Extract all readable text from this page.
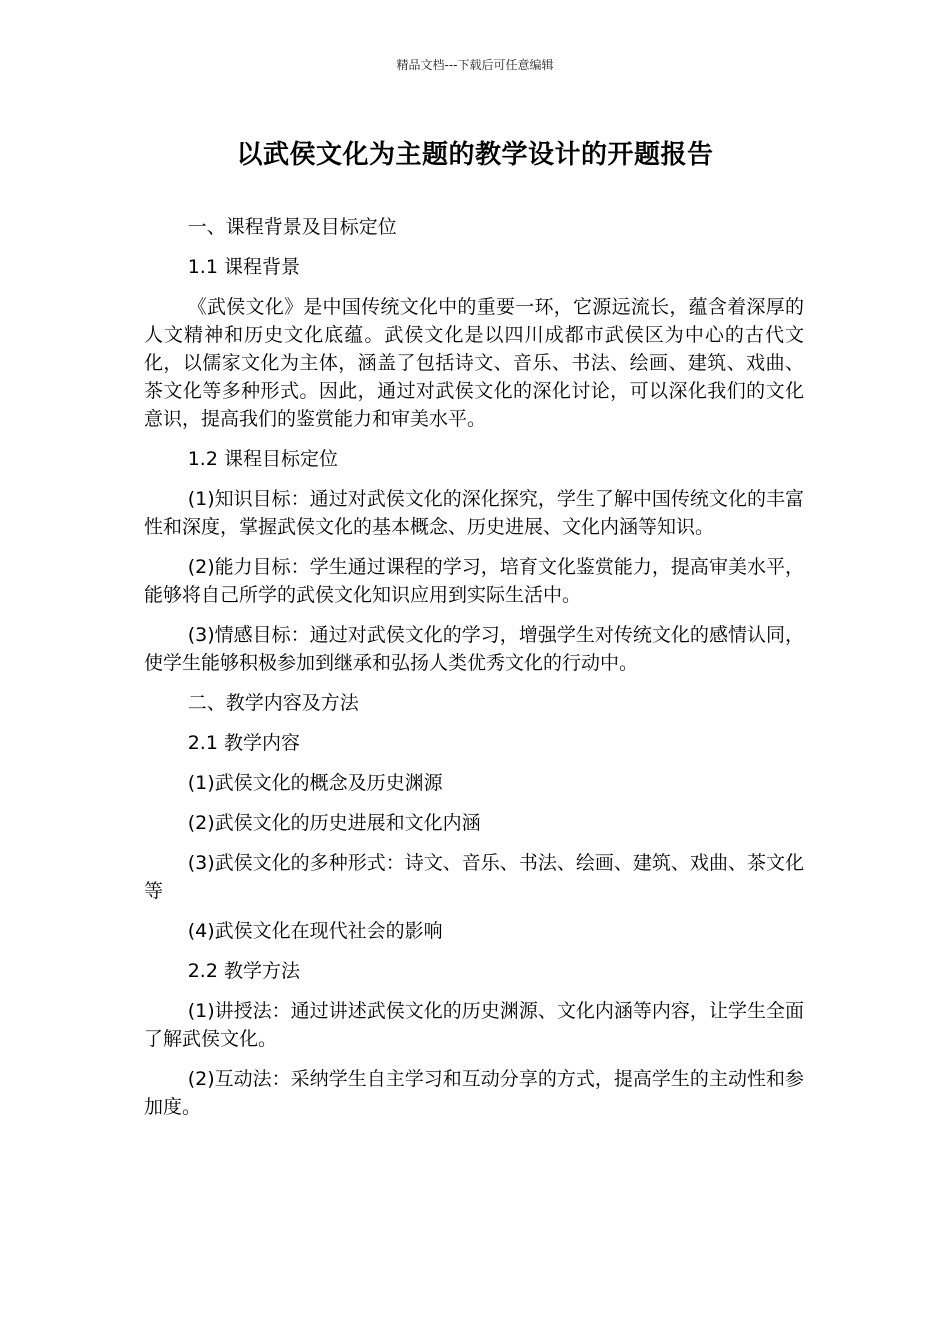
精品文档---下载后可任意编辑
以武侯文化为主题的教学设计的开题报告

一、课程背景及目标定位

1.1 课程背景

《武侯文化》是中国传统文化中的重要一环，它源远流长，蕴含着深厚的人文精神和历史文化底蕴。武侯文化是以四川成都市武侯区为中心的古代文化，以儒家文化为主体，涵盖了包括诗文、音乐、书法、绘画、建筑、戏曲、茶文化等多种形式。因此，通过对武侯文化的深化讨论，可以深化我们的文化意识，提高我们的鉴赏能力和审美水平。

1.2 课程目标定位

(1)知识目标：通过对武侯文化的深化探究，学生了解中国传统文化的丰富性和深度，掌握武侯文化的基本概念、历史进展、文化内涵等知识。

(2)能力目标：学生通过课程的学习，培育文化鉴赏能力，提高审美水平，能够将自己所学的武侯文化知识应用到实际生活中。

(3)情感目标：通过对武侯文化的学习，增强学生对传统文化的感情认同，使学生能够积极参加到继承和弘扬人类优秀文化的行动中。

二、教学内容及方法

2.1 教学内容

(1)武侯文化的概念及历史渊源

(2)武侯文化的历史进展和文化内涵

(3)武侯文化的多种形式：诗文、音乐、书法、绘画、建筑、戏曲、茶文化等

(4)武侯文化在现代社会的影响

2.2 教学方法

(1)讲授法：通过讲述武侯文化的历史渊源、文化内涵等内容，让学生全面了解武侯文化。

(2)互动法：采纳学生自主学习和互动分享的方式，提高学生的主动性和参加度。
